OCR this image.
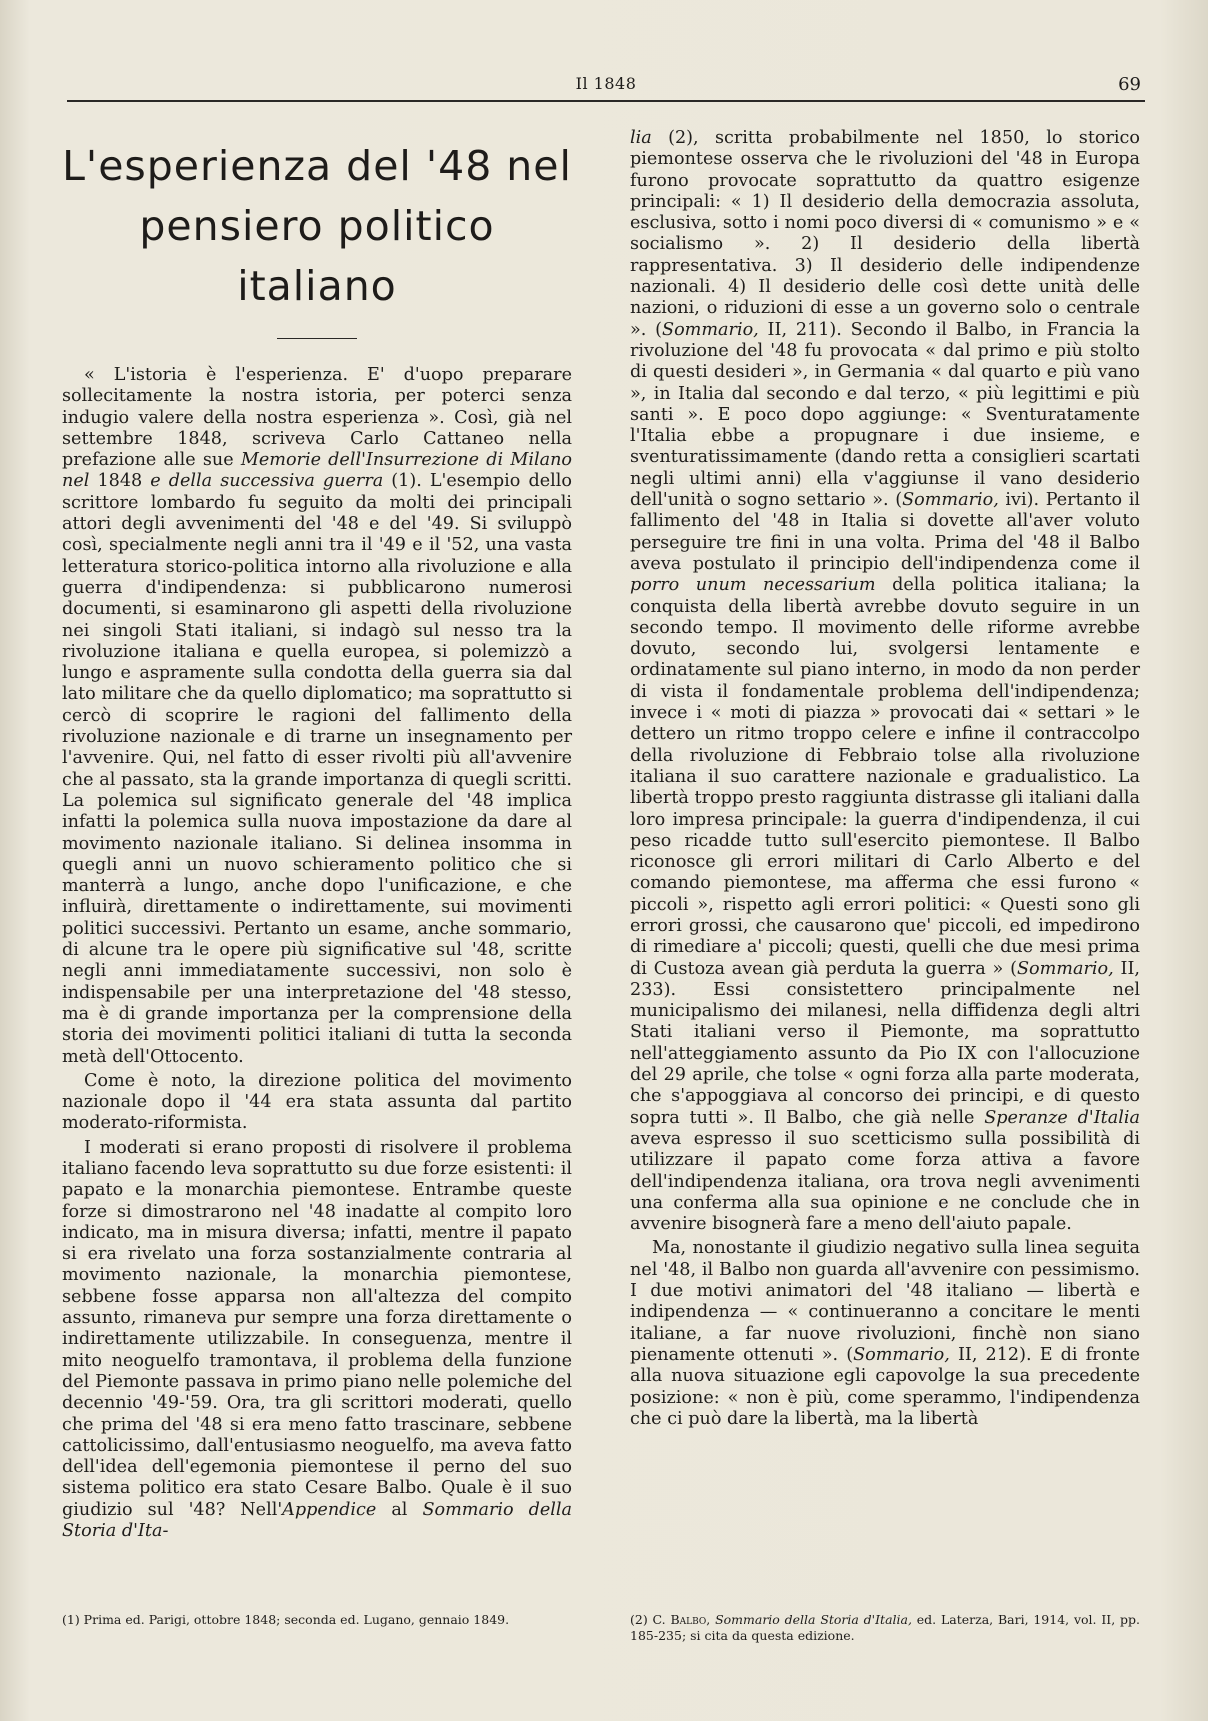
Il 1848	69
L'esperienza del '48 nel
pensiero politico italiano

« L'istoria è l'esperienza. E' d'uopo preparare sollecitamente la nostra istoria, per poterci senza indugio valere della nostra esperienza ». Così, già nel settembre 1848, scriveva Carlo Cattaneo nella prefazione alle sue Memorie dell'Insurrezione di Milano nel 1848 e della successiva guerra (1). L'esempio dello scrittore lombardo fu seguito da molti dei principali attori degli avvenimenti del '48 e del '49. Si sviluppò così, specialmente negli anni tra il '49 e il '52, una vasta letteratura storico-politica intorno alla rivoluzione e alla guerra d'indipendenza: si pubblicarono numerosi documenti, si esaminarono gli aspetti della rivoluzione nei singoli Stati italiani, si indagò sul nesso tra la rivoluzione italiana e quella europea, si polemizzò a lungo e aspramente sulla condotta della guerra sia dal lato militare che da quello diplomatico; ma soprattutto si cercò di scoprire le ragioni del fallimento della rivoluzione nazionale e di trarne un insegnamento per l'avvenire. Qui, nel fatto di esser rivolti più all'avvenire che al passato, sta la grande importanza di quegli scritti. La polemica sul significato generale del '48 implica infatti la polemica sulla nuova impostazione da dare al movimento nazionale italiano. Si delinea insomma in quegli anni un nuovo schieramento politico che si manterrà a lungo, anche dopo l'unificazione, e che influirà, direttamente o indirettamente, sui movimenti politici successivi. Pertanto un esame, anche sommario, di alcune tra le opere più significative sul '48, scritte negli anni immediatamente successivi, non solo è indispensabile per una interpretazione del '48 stesso, ma è di grande importanza per la comprensione della storia dei movimenti politici italiani di tutta la seconda metà dell'Ottocento.

Come è noto, la direzione politica del movimento nazionale dopo il '44 era stata assunta dal partito moderato-riformista.

I moderati si erano proposti di risolvere il problema italiano facendo leva soprattutto su due forze esistenti: il papato e la monarchia piemontese. Entrambe queste forze si dimostrarono nel '48 inadatte al compito loro indicato, ma in misura diversa; infatti, mentre il papato si era rivelato una forza sostanzialmente contraria al movimento nazionale, la monarchia piemontese, sebbene fosse apparsa non all'altezza del compito assunto, rimaneva pur sempre una forza direttamente o indirettamente utilizzabile. In conseguenza, mentre il mito neoguelfo tramontava, il problema della funzione del Piemonte passava in primo piano nelle polemiche del decennio '49-'59. Ora, tra gli scrittori moderati, quello che prima del '48 si era meno fatto trascinare, sebbene cattolicissimo, dall'entusiasmo neoguelfo, ma aveva fatto dell'idea dell'egemonia piemontese il perno del suo sistema politico era stato Cesare Balbo. Quale è il suo giudizio sul '48? Nell'Appendice al Sommario della Storia d'Ita-

lia (2), scritta probabilmente nel 1850, lo storico piemontese osserva che le rivoluzioni del '48 in Europa furono provocate soprattutto da quattro esigenze principali: « 1) Il desiderio della democrazia assoluta, esclusiva, sotto i nomi poco diversi di « comunismo » e « socialismo ». 2) Il desiderio della libertà rappresentativa. 3) Il desiderio delle indipendenze nazionali. 4) Il desiderio delle così dette unità delle nazioni, o riduzioni di esse a un governo solo o centrale ». (Sommario, II, 211). Secondo il Balbo, in Francia la rivoluzione del '48 fu provocata « dal primo e più stolto di questi desideri », in Germania « dal quarto e più vano », in Italia dal secondo e dal terzo, « più legittimi e più santi ». E poco dopo aggiunge: « Sventuratamente l'Italia ebbe a propugnare i due insieme, e sventuratissimamente (dando retta a consiglieri scartati negli ultimi anni) ella v'aggiunse il vano desiderio dell'unità o sogno settario ». (Sommario, ivi). Pertanto il fallimento del '48 in Italia si dovette all'aver voluto perseguire tre fini in una volta. Prima del '48 il Balbo aveva postulato il principio dell'indipendenza come il porro unum necessarium della politica italiana; la conquista della libertà avrebbe dovuto seguire in un secondo tempo. Il movimento delle riforme avrebbe dovuto, secondo lui, svolgersi lentamente e ordinatamente sul piano interno, in modo da non perder di vista il fondamentale problema dell'indipendenza; invece i « moti di piazza » provocati dai « settari » le dettero un ritmo troppo celere e infine il contraccolpo della rivoluzione di Febbraio tolse alla rivoluzione italiana il suo carattere nazionale e gradualistico. La libertà troppo presto raggiunta distrasse gli italiani dalla loro impresa principale: la guerra d'indipendenza, il cui peso ricadde tutto sull'esercito piemontese. Il Balbo riconosce gli errori militari di Carlo Alberto e del comando piemontese, ma afferma che essi furono « piccoli », rispetto agli errori politici: « Questi sono gli errori grossi, che causarono que' piccoli, ed impedirono di rimediare a' piccoli; questi, quelli che due mesi prima di Custoza avean già perduta la guerra » (Sommario, II, 233). Essi consistettero principalmente nel municipalismo dei milanesi, nella diffidenza degli altri Stati italiani verso il Piemonte, ma soprattutto nell'atteggiamento assunto da Pio IX con l'allocuzione del 29 aprile, che tolse « ogni forza alla parte moderata, che s'appoggiava al concorso dei principi, e di questo sopra tutti ». Il Balbo, che già nelle Speranze d'Italia aveva espresso il suo scetticismo sulla possibilità di utilizzare il papato come forza attiva a favore dell'indipendenza italiana, ora trova negli avvenimenti una conferma alla sua opinione e ne conclude che in avvenire bisognerà fare a meno dell'aiuto papale.

Ma, nonostante il giudizio negativo sulla linea seguita nel '48, il Balbo non guarda all'avvenire con pessimismo. I due motivi animatori del '48 italiano — libertà e indipendenza — « continueranno a concitare le menti italiane, a far nuove rivoluzioni, finchè non siano pienamente ottenuti ». (Sommario, II, 212). E di fronte alla nuova situazione egli capovolge la sua precedente posizione: « non è più, come sperammo, l'indipendenza che ci può dare la libertà, ma la libertà

(1) Prima ed. Parigi, ottobre 1848; seconda ed. Lugano, gennaio 1849.	(2) C. Balbo, Sommario della Storia d'Italia, ed. Laterza, Bari, 1914, vol. II, pp. 185-235; si cita da questa edizione.
